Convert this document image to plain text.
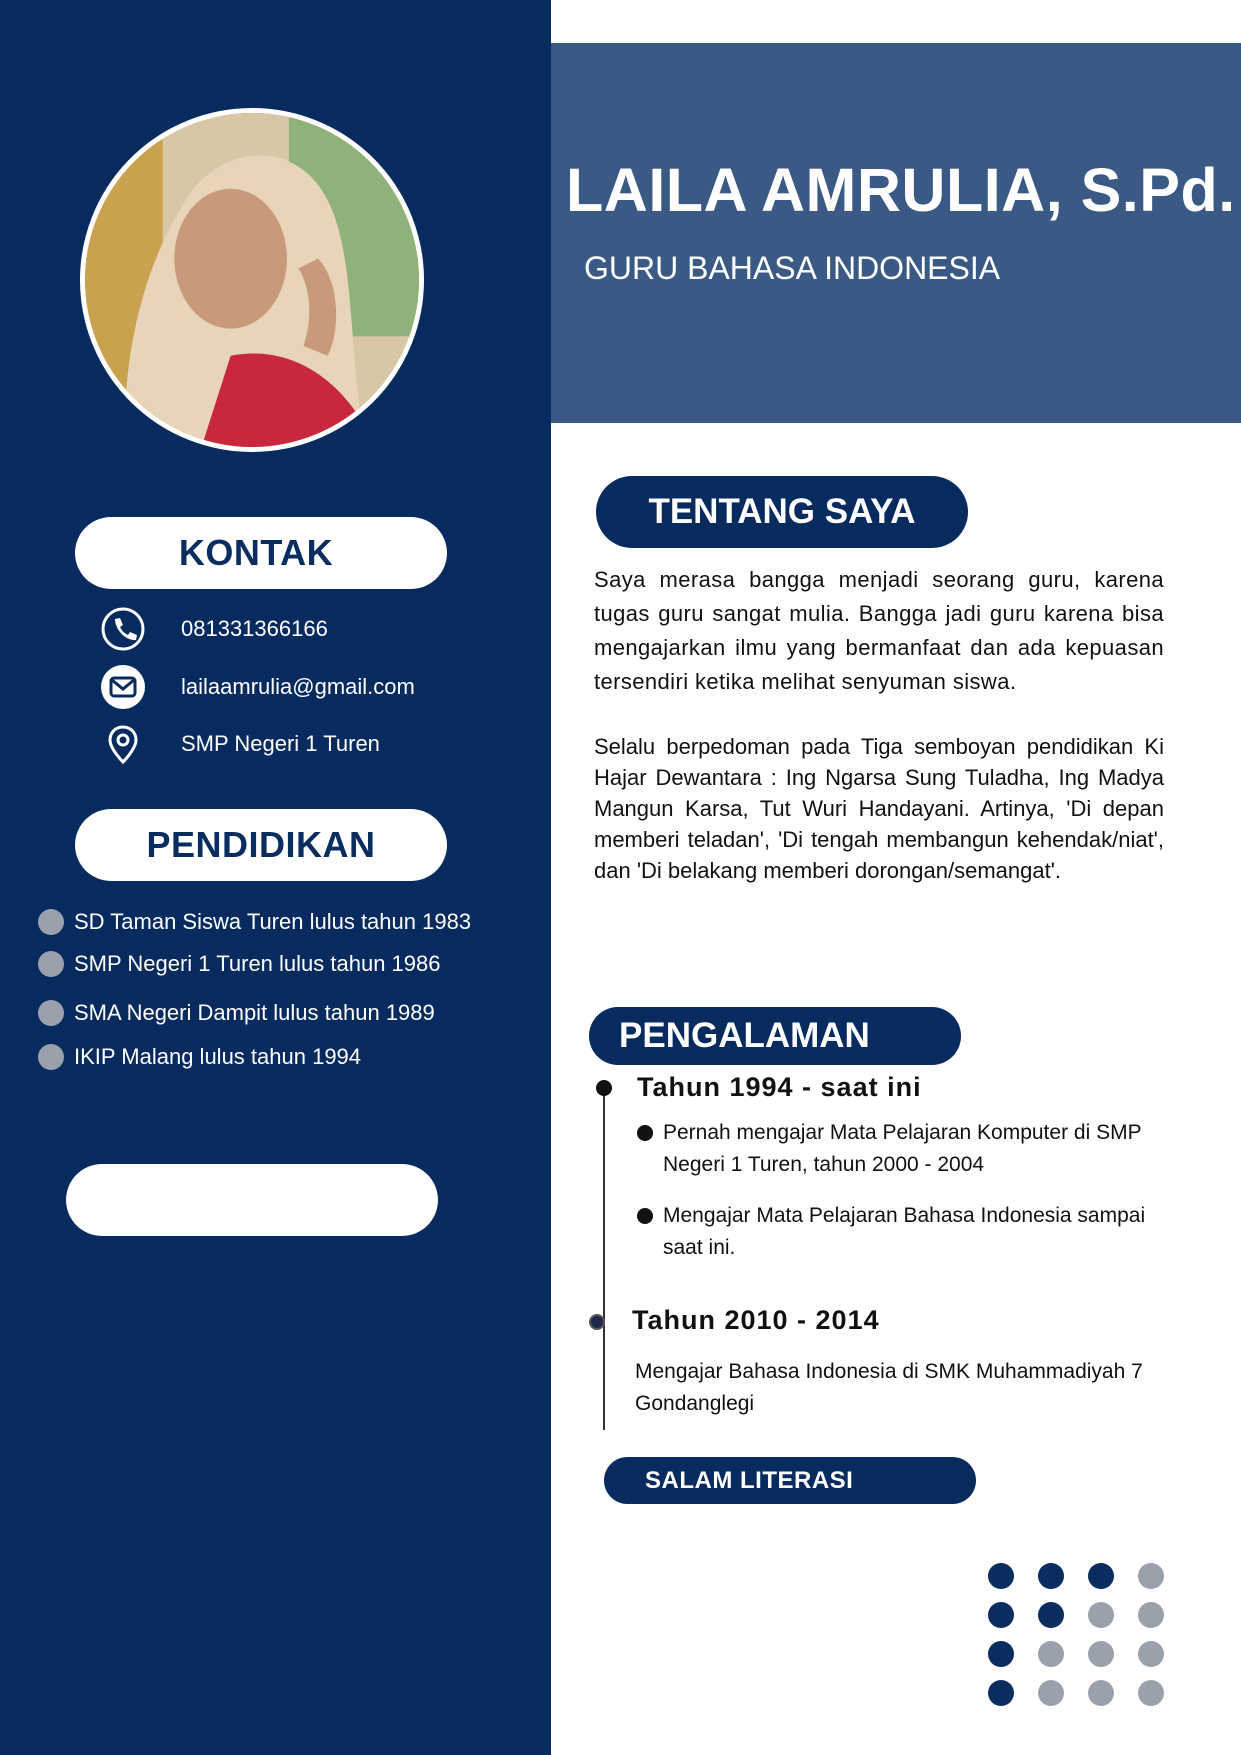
KONTAK
081331366166
lailaamrulia@gmail.com
SMP Negeri 1 Turen
PENDIDIKAN
SD Taman Siswa Turen lulus tahun 1983
SMP Negeri 1 Turen lulus tahun 1986
SMA Negeri Dampit lulus tahun 1989
IKIP Malang lulus tahun 1994
LAILA AMRULIA, S.Pd.
GURU BAHASA INDONESIA
TENTANG SAYA
Saya merasa bangga menjadi seorang guru, karena tugas guru sangat mulia. Bangga jadi guru karena bisa mengajarkan ilmu yang bermanfaat dan ada kepuasan tersendiri ketika melihat senyuman siswa.
Selalu berpedoman pada Tiga semboyan pendidikan Ki Hajar Dewantara : Ing Ngarsa Sung Tuladha, Ing Madya Mangun Karsa, Tut Wuri Handayani. Artinya, 'Di depan memberi teladan', 'Di tengah membangun kehendak/niat', dan 'Di belakang memberi dorongan/semangat'.
PENGALAMAN
Tahun 1994 - saat ini
Pernah mengajar Mata Pelajaran Komputer di SMP Negeri 1 Turen, tahun 2000 - 2004
Mengajar Mata Pelajaran Bahasa Indonesia sampai saat ini.
Tahun 2010 - 2014
Mengajar Bahasa Indonesia di SMK Muhammadiyah 7 Gondanglegi
SALAM LITERASI
